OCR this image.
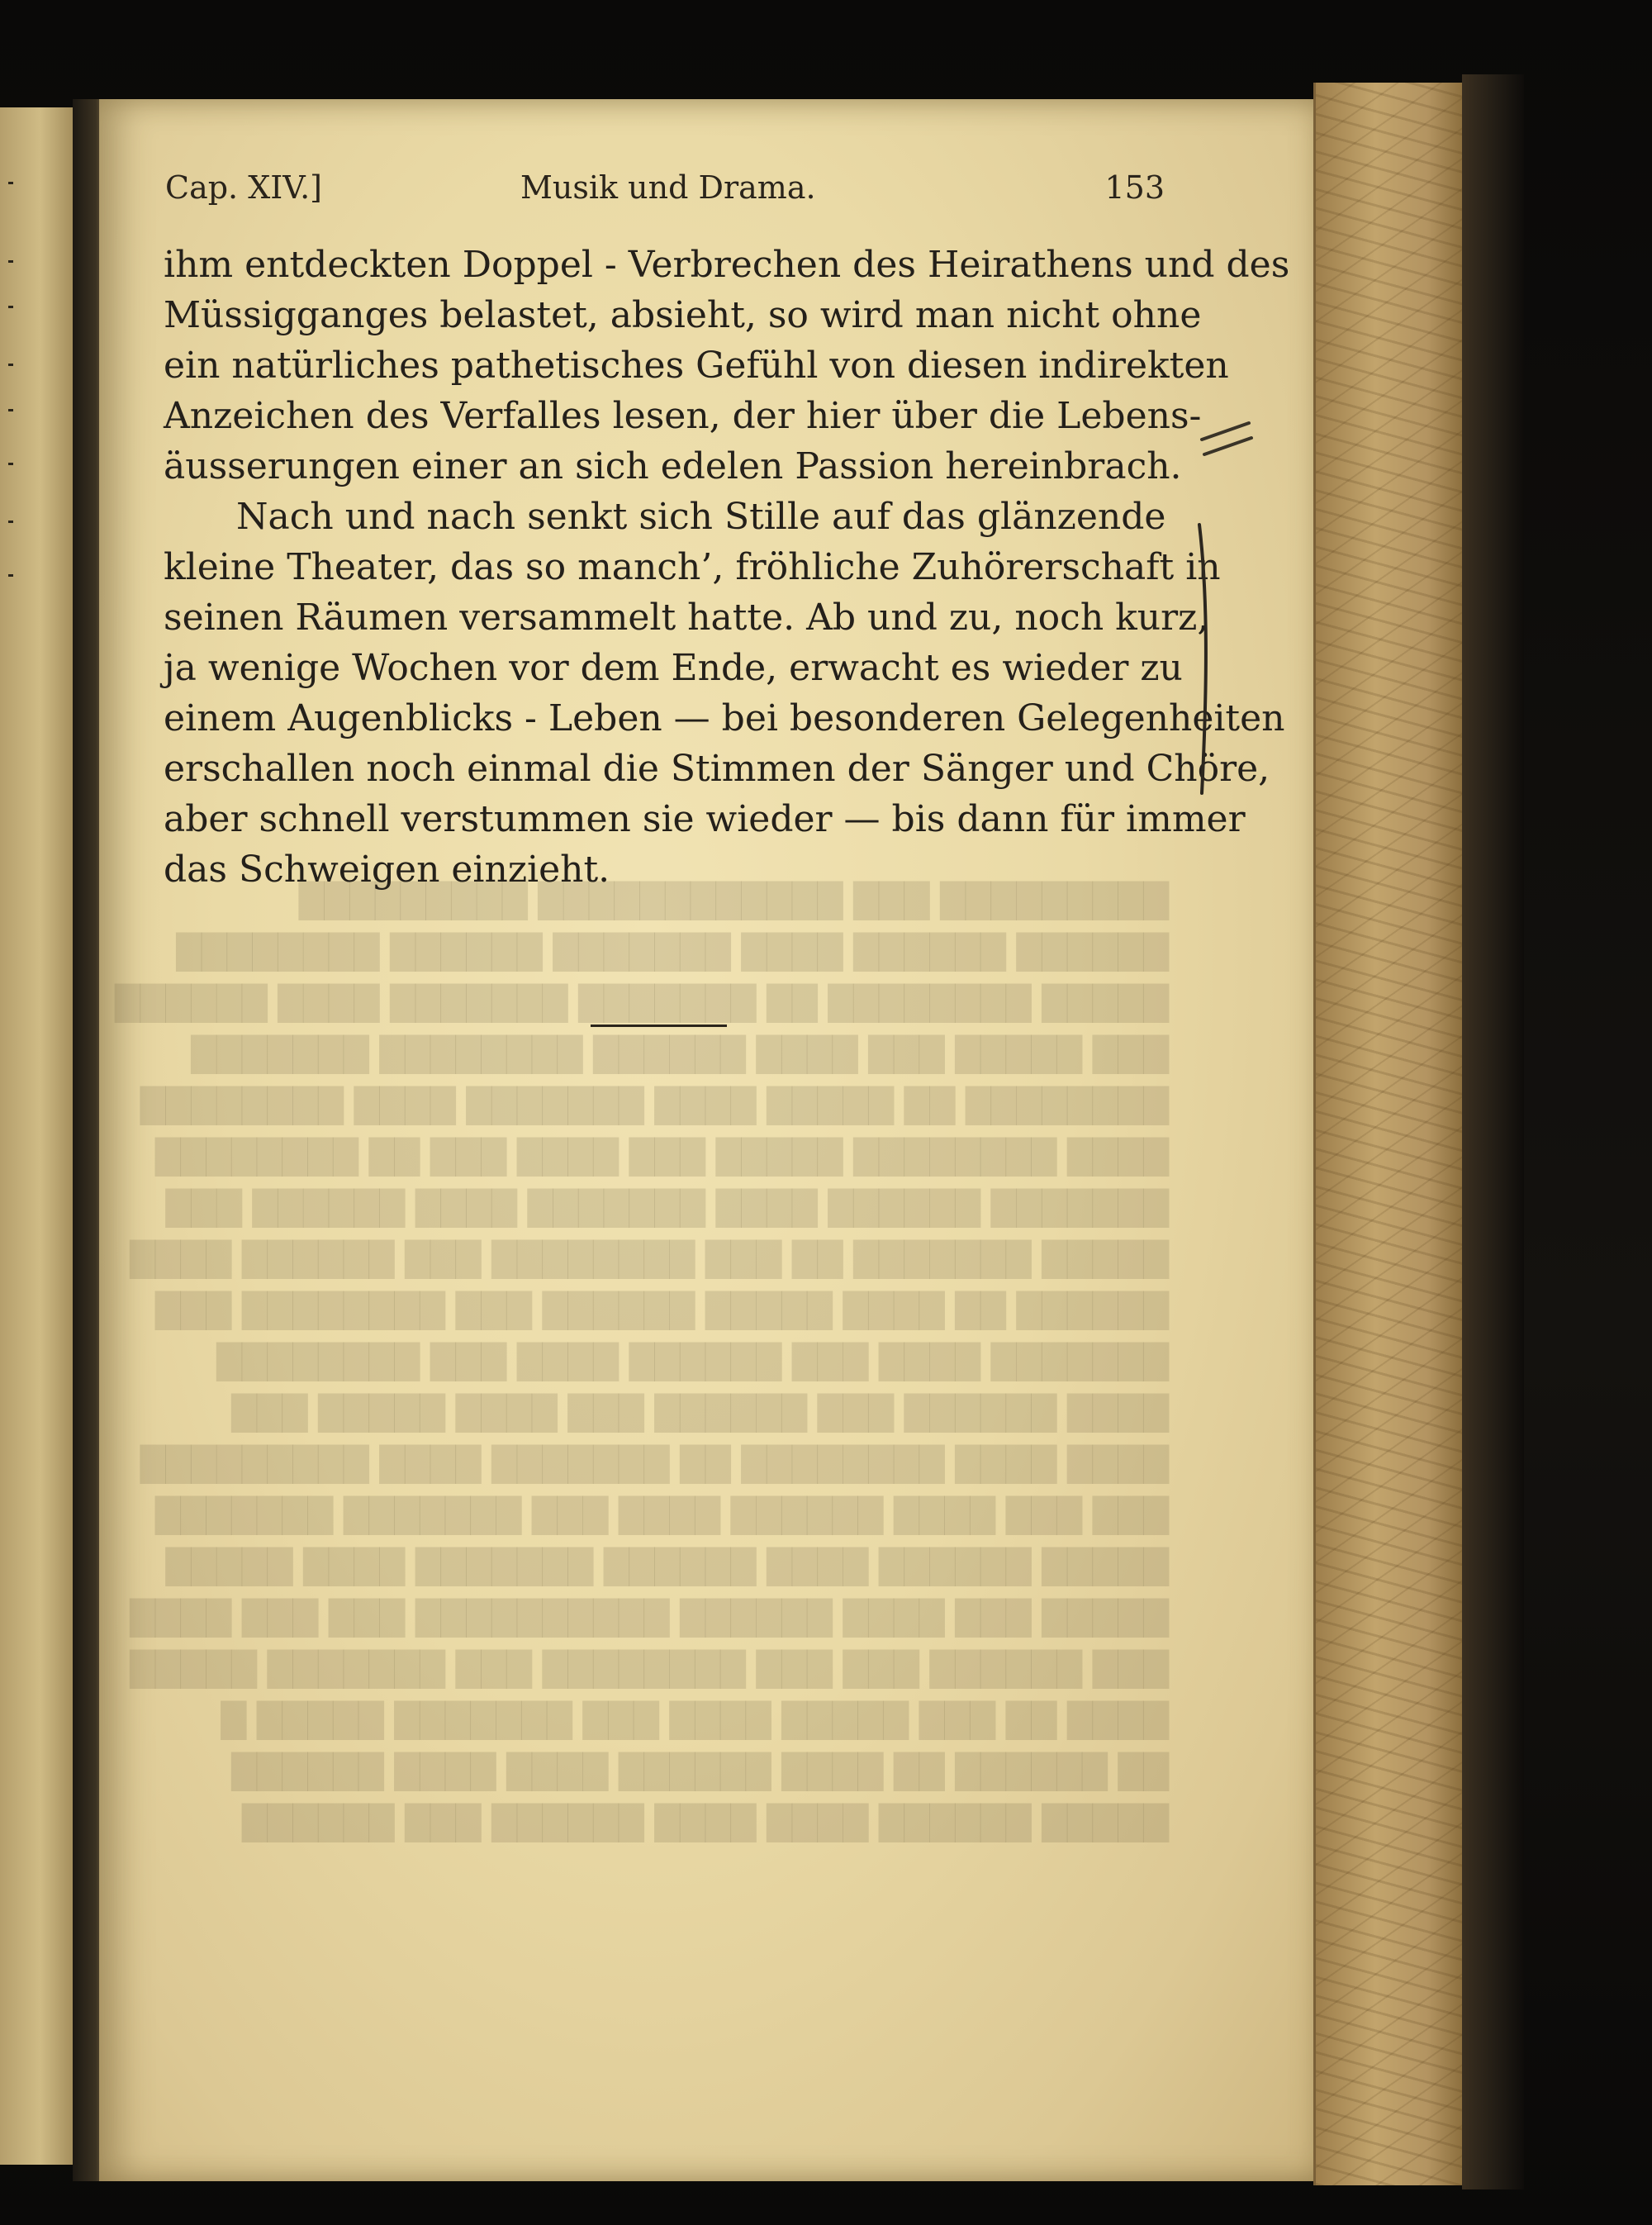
Cap. XIV.]	Musik und Drama.	153

ihm entdeckten Doppel - Verbrechen des Heirathens und des

Müssigganges belastet, absieht, so wird man nicht ohne

ein natürliches pathetisches Gefühl von diesen indirekten

Anzeichen des Verfalles lesen, der hier über die Lebens-

äusserungen einer an sich edelen Passion hereinbrach.

Nach und nach senkt sich Stille auf das glänzende

kleine Theater, das so manch’, fröhliche Zuhörerschaft in

seinen Räumen versammelt hatte. Ab und zu, noch kurz,

ja wenige Wochen vor dem Ende, erwacht es wieder zu

einem Augenblicks - Leben — bei besonderen Gelegenheiten

erschallen noch einmal die Stimmen der Sänger und Chöre,

aber schnell verstummen sie wieder — bis dann für immer

das Schweigen einzieht.
